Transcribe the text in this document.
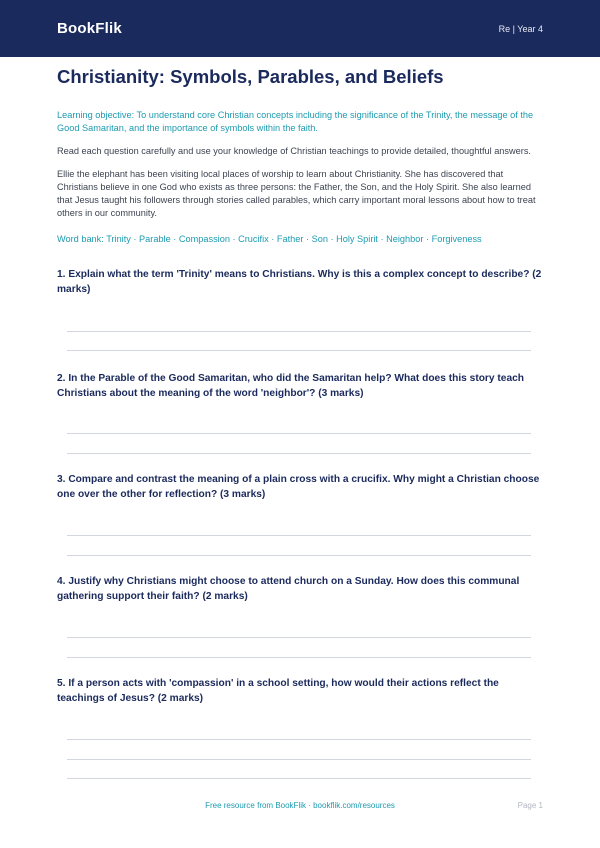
BookFlik	Re | Year 4
Christianity: Symbols, Parables, and Beliefs
Learning objective: To understand core Christian concepts including the significance of the Trinity, the message of the Good Samaritan, and the importance of symbols within the faith.
Read each question carefully and use your knowledge of Christian teachings to provide detailed, thoughtful answers.
Ellie the elephant has been visiting local places of worship to learn about Christianity. She has discovered that Christians believe in one God who exists as three persons: the Father, the Son, and the Holy Spirit. She also learned that Jesus taught his followers through stories called parables, which carry important moral lessons about how to treat others in our community.
Word bank: Trinity · Parable · Compassion · Crucifix · Father · Son · Holy Spirit · Neighbor · Forgiveness

1. Explain what the term 'Trinity' means to Christians. Why is this a complex concept to describe? (2 marks)

2. In the Parable of the Good Samaritan, who did the Samaritan help? What does this story teach Christians about the meaning of the word 'neighbor'? (3 marks)

3. Compare and contrast the meaning of a plain cross with a crucifix. Why might a Christian choose one over the other for reflection? (3 marks)

4. Justify why Christians might choose to attend church on a Sunday. How does this communal gathering support their faith? (2 marks)

5. If a person acts with 'compassion' in a school setting, how would their actions reflect the teachings of Jesus? (2 marks)

Free resource from BookFlik · bookflik.com/resources	Page 1
